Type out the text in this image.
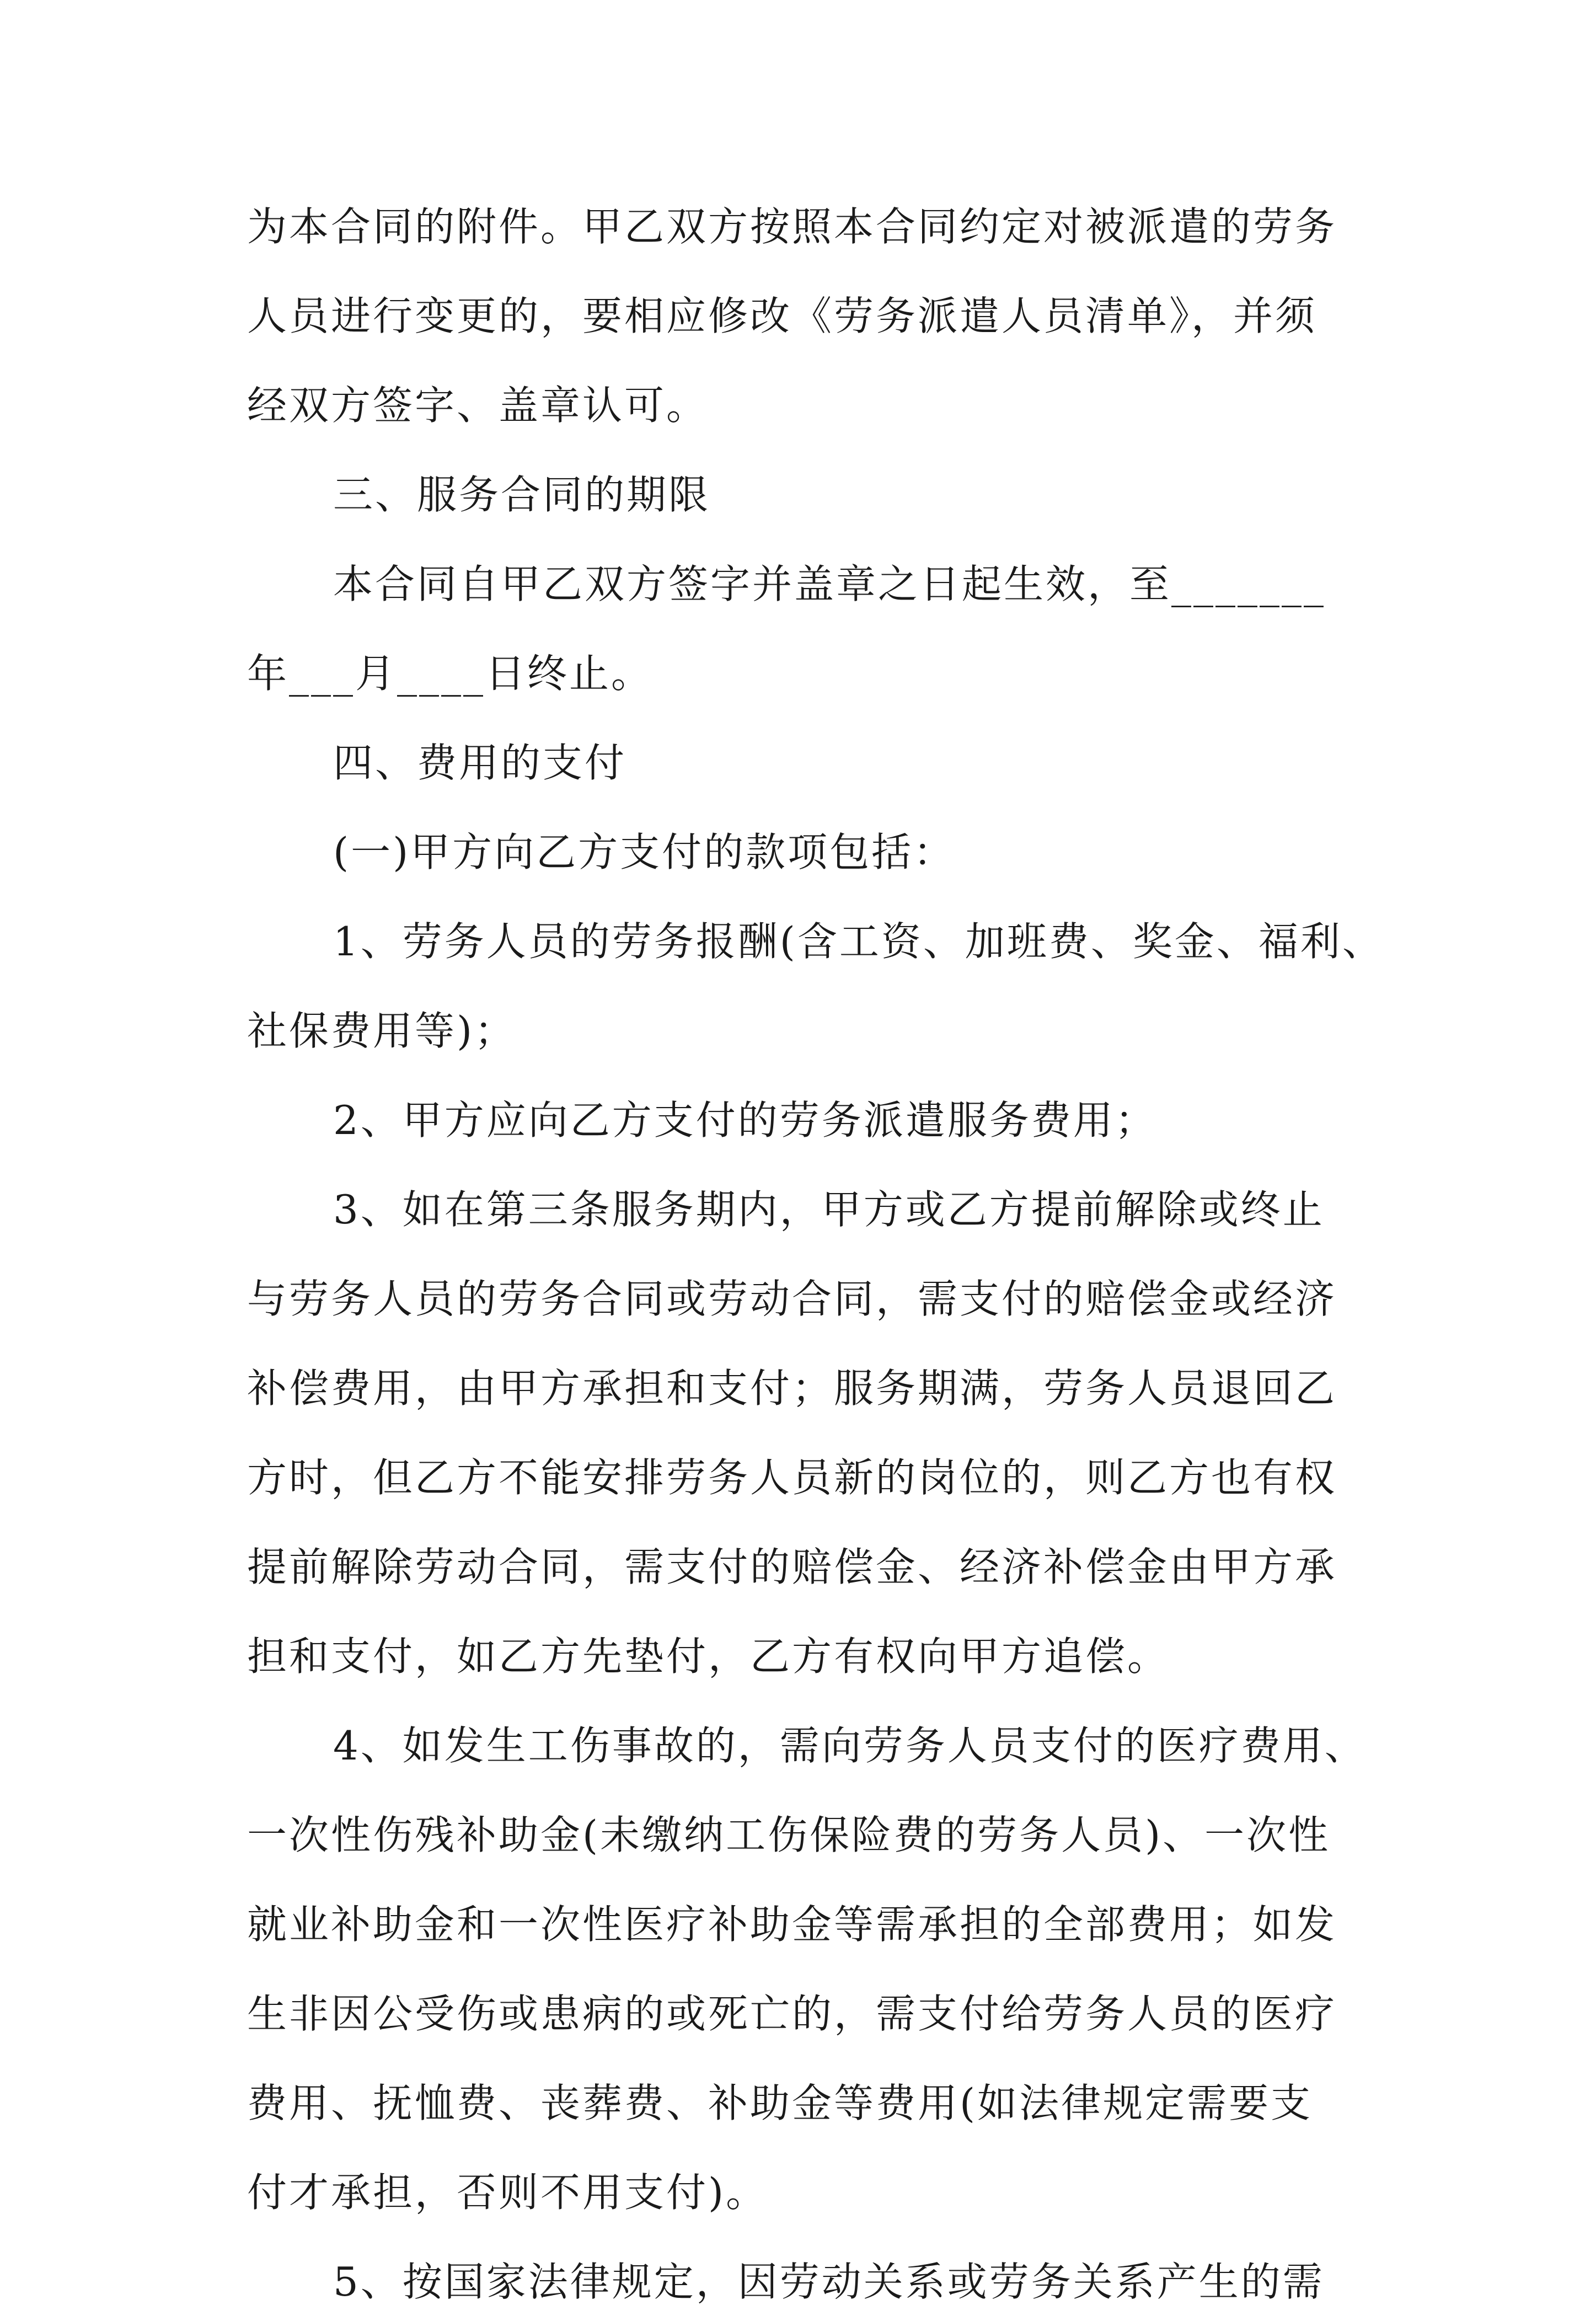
为本合同的附件。甲乙双方按照本合同约定对被派遣的劳务
人员进行变更的，要相应修改《劳务派遣人员清单》，并须
经双方签字、盖章认可。
三、服务合同的期限
本合同自甲乙双方签字并盖章之日起生效，至_______
年___月____日终止。
四、费用的支付
(一)甲方向乙方支付的款项包括：
1、劳务人员的劳务报酬(含工资、加班费、奖金、福利、
社保费用等)；
2、甲方应向乙方支付的劳务派遣服务费用；
3、如在第三条服务期内，甲方或乙方提前解除或终止
与劳务人员的劳务合同或劳动合同，需支付的赔偿金或经济
补偿费用，由甲方承担和支付；服务期满，劳务人员退回乙
方时，但乙方不能安排劳务人员新的岗位的，则乙方也有权
提前解除劳动合同，需支付的赔偿金、经济补偿金由甲方承
担和支付，如乙方先垫付，乙方有权向甲方追偿。
4、如发生工伤事故的，需向劳务人员支付的医疗费用、
一次性伤残补助金(未缴纳工伤保险费的劳务人员)、一次性
就业补助金和一次性医疗补助金等需承担的全部费用；如发
生非因公受伤或患病的或死亡的，需支付给劳务人员的医疗
费用、抚恤费、丧葬费、补助金等费用(如法律规定需要支
付才承担，否则不用支付)。
5、按国家法律规定，因劳动关系或劳务关系产生的需
